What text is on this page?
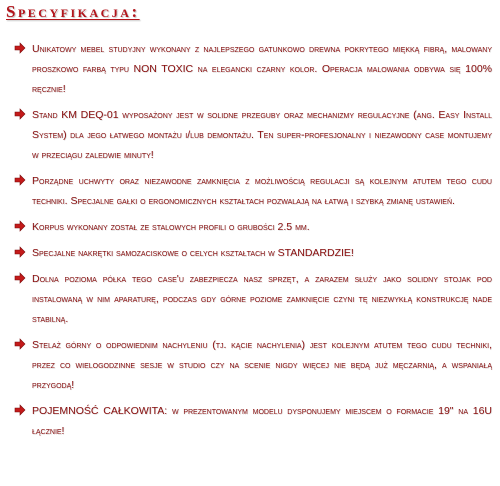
Specyfikacja:
Unikatowy mebel studyjny wykonany z najlepszego gatunkowo drewna pokrytego miękką fibrą, malowany proszkowo farbą typu NON TOXIC na elegancki czarny kolor. Operacja malowania odbywa się 100% ręcznie!
Stand KM DEQ-01 wyposażony jest w solidne przeguby oraz mechanizmy regulacyjne (ang. Easy Install System) dla jego łatwego montażu i/lub demontażu. Ten super-profesjonalny i niezawodny case montujemy w przeciągu zaledwie minuty!
Porządne uchwyty oraz niezawodne zamknięcia z możliwością regulacji są kolejnym atutem tego cudu techniki. Specjalne gałki o ergonomicznych kształtach pozwalają na łatwą i szybką zmianę ustawień.
Korpus wykonany został ze stalowych profili o grubości 2.5 mm.
Specjalne nakrętki samozaciskowe o celych kształtach w STANDARDZIE!
Dolna pozioma półka tego case'u zabezpiecza nasz sprzęt, a zarazem służy jako solidny stojak pod instalowaną w nim aparaturę, podczas gdy górne poziome zamknięcie czyni tę niezwykłą konstrukcję nade stabilną.
Stelaż górny o odpowiednim nachyleniu (tj. kącie nachylenia) jest kolejnym atutem tego cudu techniki, przez co wielogodzinne sesje w studio czy na scenie nigdy więcej nie będą już męczarnią, a wspaniałą przygodą!
POJEMNOŚĆ CAŁKOWITA: w prezentowanym modelu dysponujemy miejscem o formacie 19" na 16U łącznie!
